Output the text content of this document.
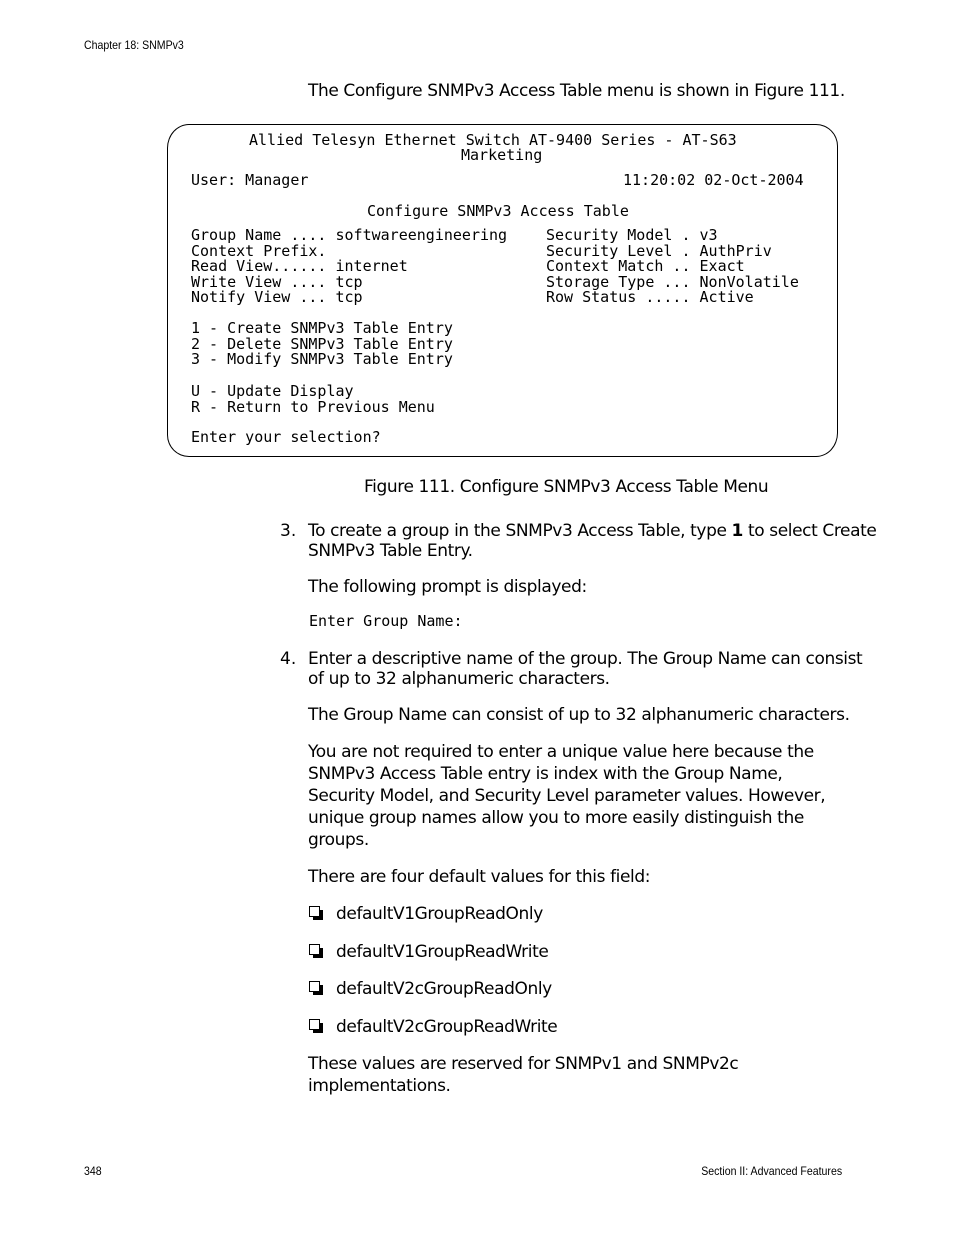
Chapter 18: SNMPv3
The Configure SNMPv3 Access Table menu is shown in Figure 111.
Allied Telesyn Ethernet Switch AT-9400 Series - AT-S63
Marketing
User: Manager	11:20:02 02-Oct-2004
Configure SNMPv3 Access Table
Group Name .... softwareengineering
Context Prefix.
Read View...... internet
Write View .... tcp
Notify View ... tcp
Security Model . v3
Security Level . AuthPriv
Context Match .. Exact
Storage Type ... NonVolatile
Row Status ..... Active
1 - Create SNMPv3 Table Entry
2 - Delete SNMPv3 Table Entry
3 - Modify SNMPv3 Table Entry
U - Update Display
R - Return to Previous Menu
Enter your selection?
Figure 111. Configure SNMPv3 Access Table Menu
3. To create a group in the SNMPv3 Access Table, type 1 to select Create
SNMPv3 Table Entry.
The following prompt is displayed:
Enter Group Name:
4. Enter a descriptive name of the group. The Group Name can consist
of up to 32 alphanumeric characters.
The Group Name can consist of up to 32 alphanumeric characters.
You are not required to enter a unique value here because the
SNMPv3 Access Table entry is index with the Group Name,
Security Model, and Security Level parameter values. However,
unique group names allow you to more easily distinguish the
groups.
There are four default values for this field:
defaultV1GroupReadOnly
defaultV1GroupReadWrite
defaultV2cGroupReadOnly
defaultV2cGroupReadWrite
These values are reserved for SNMPv1 and SNMPv2c
implementations.
348	Section II: Advanced Features
